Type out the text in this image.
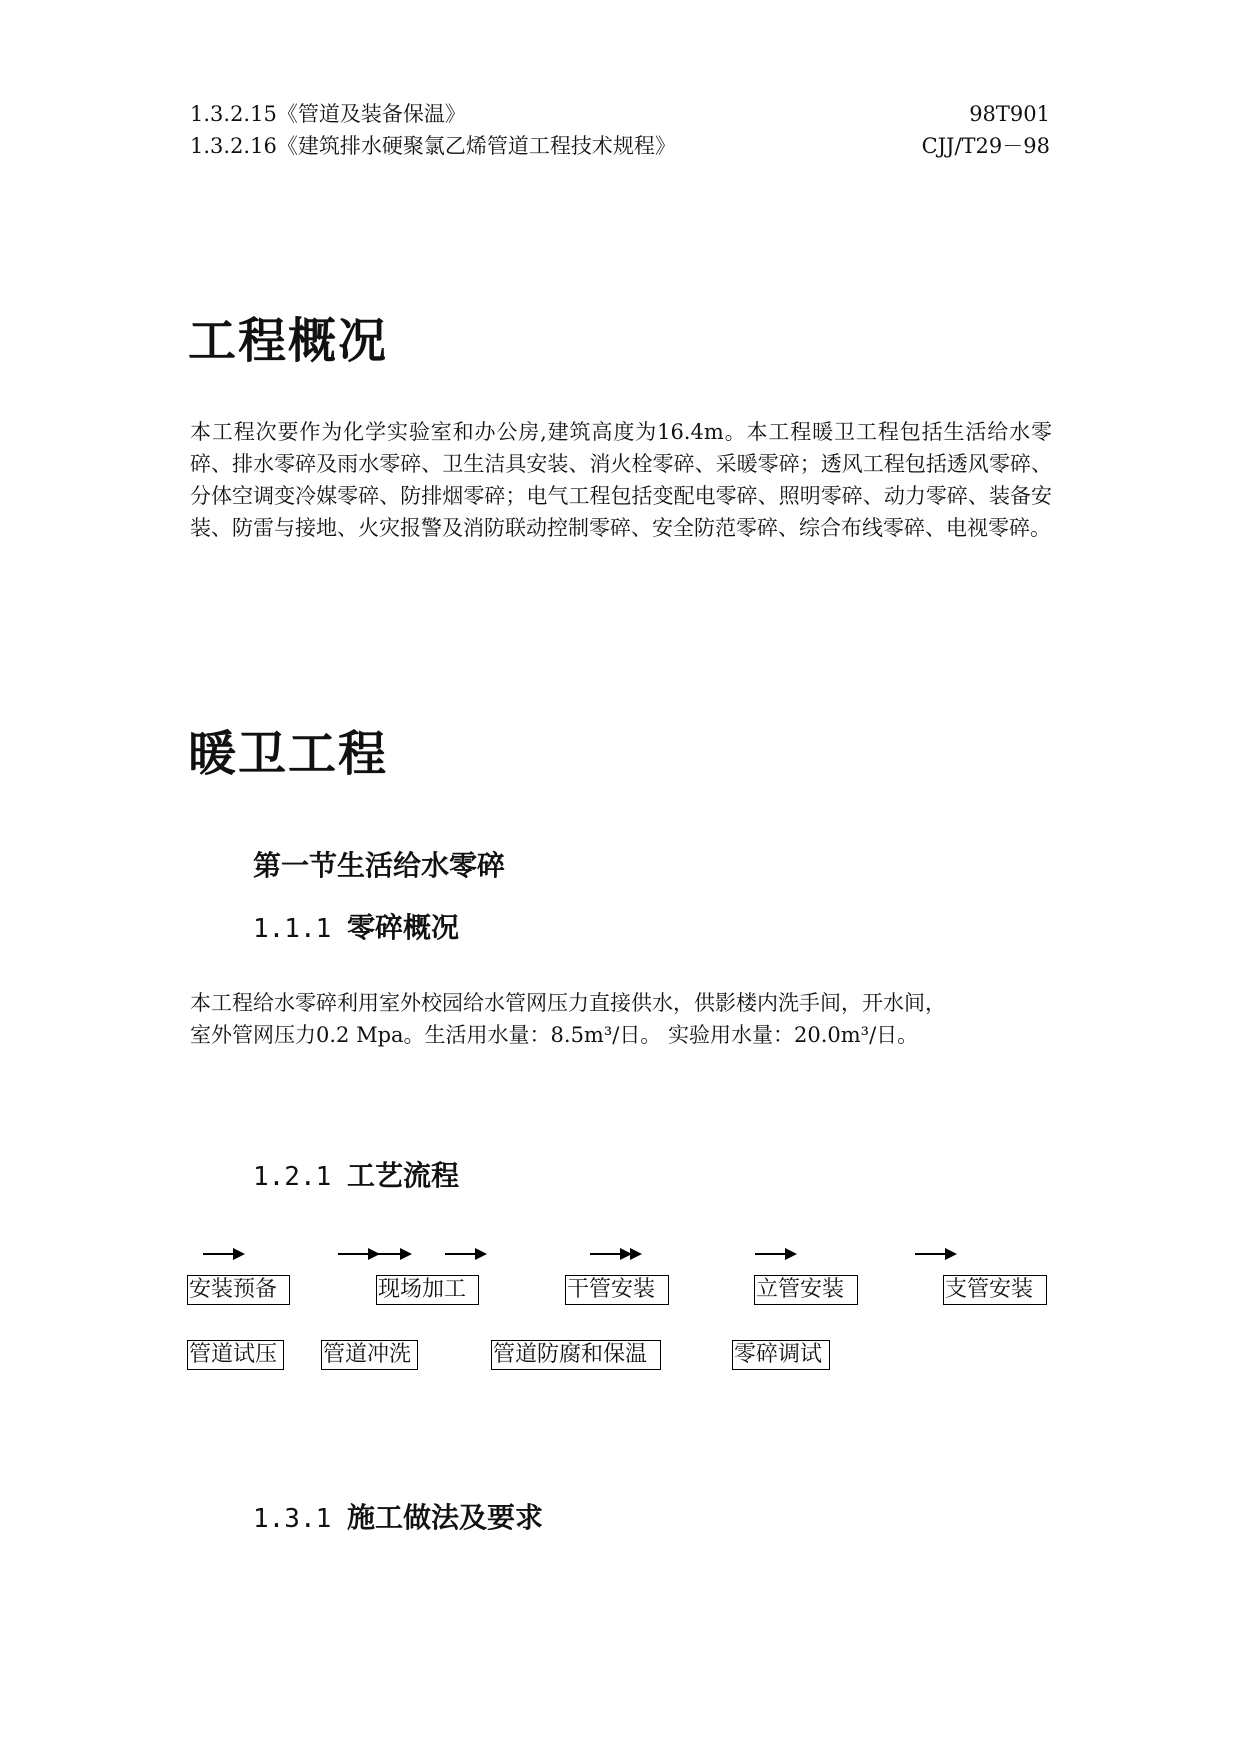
1.3.2.15《管道及装备保温》	98T901
1.3.2.16《建筑排水硬聚氯乙烯管道工程技术规程》	CJJ/T29－98
工程概况
本工程次要作为化学实验室和办公房,建筑高度为16.4m。本工程暖卫工程包括生活给水零碎、排水零碎及雨水零碎、卫生洁具安装、消火栓零碎、采暖零碎；透风工程包括透风零碎、分体空调变冷媒零碎、防排烟零碎；电气工程包括变配电零碎、照明零碎、动力零碎、装备安装、防雷与接地、火灾报警及消防联动控制零碎、安全防范零碎、综合布线零碎、电视零碎。
暖卫工程
第一节生活给水零碎
1.1.1 零碎概况
本工程给水零碎利用室外校园给水管网压力直接供水，供影楼内洗手间，开水间，
室外管网压力0.2 Mpa。生活用水量：8.5m³/日。 实验用水量：20.0m³/日。
1.2.1 工艺流程
安装预备	现场加工	干管安装	立管安装	支管安装
管道试压	管道冲洗	管道防腐和保温	零碎调试
1.3.1 施工做法及要求
